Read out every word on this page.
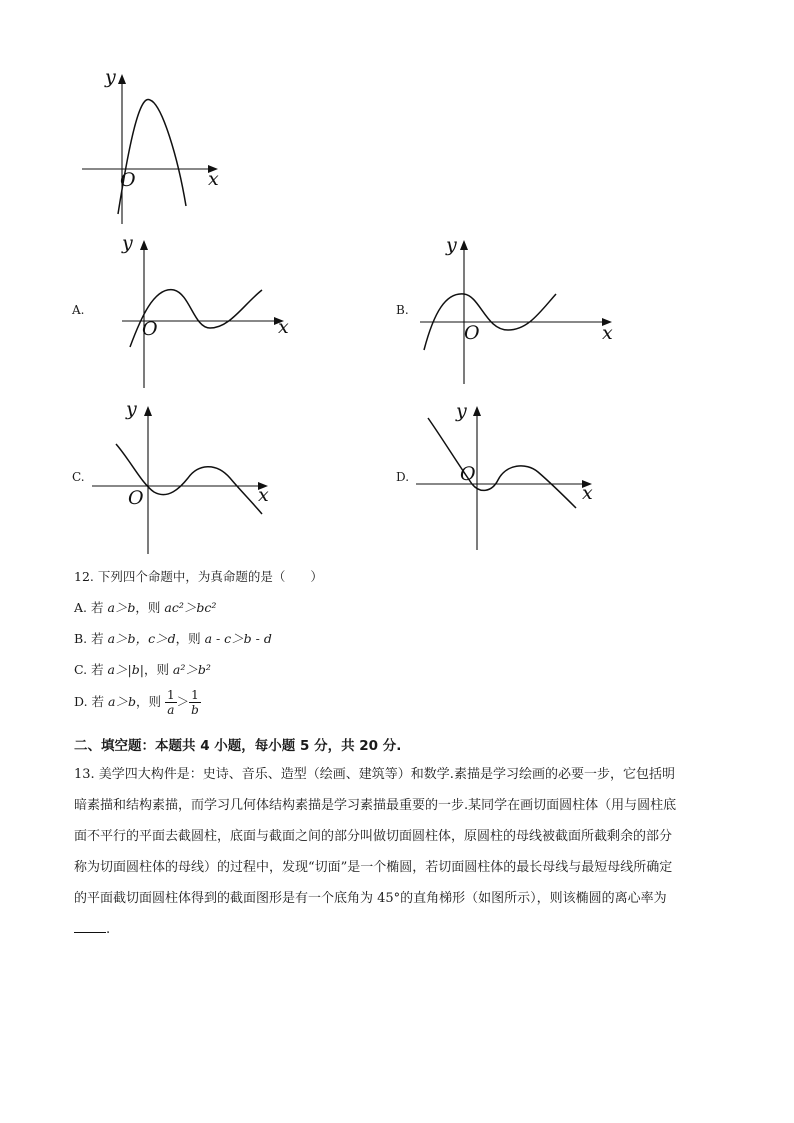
y
x
O
A.
y
x
O
B.
y
x
O
C.
y
x
O
D.
y
x
O
12. 下列四个命题中，为真命题的是（　　）
A. 若 a＞b，则 ac²＞bc²
B. 若 a＞b，c＞d，则 a - c＞b - d
C. 若 a＞|b|，则 a²＞b²
D. 若 a＞b，则 $\frac{1}{a} > \frac{1}{b}$
二、填空题：本题共 4 小题，每小题 5 分，共 20 分.
13. 美学四大构件是：史诗、音乐、造型（绘画、建筑等）和数学.素描是学习绘画的必要一步，它包括明
暗素描和结构素描，而学习几何体结构素描是学习素描最重要的一步.某同学在画切面圆柱体（用与圆柱底
面不平行的平面去截圆柱，底面与截面之间的部分叫做切面圆柱体，原圆柱的母线被截面所截剩余的部分
称为切面圆柱体的母线）的过程中，发现“切面”是一个椭圆，若切面圆柱体的最长母线与最短母线所确定
的平面截切面圆柱体得到的截面图形是有一个底角为 45°的直角梯形（如图所示），则该椭圆的离心率为
.
